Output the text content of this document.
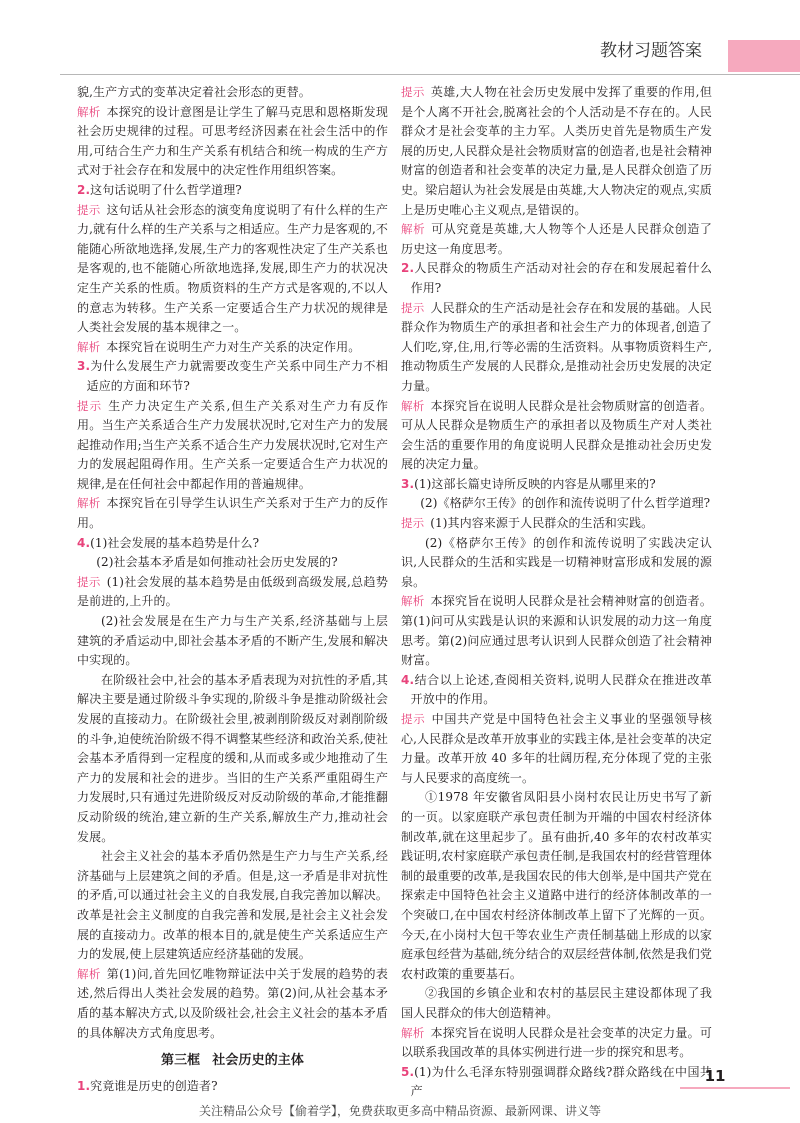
教材习题答案

貌,生产方式的变革决定着社会形态的更替。

解析 本探究的设计意图是让学生了解马克思和恩格斯发现社会历史规律的过程。可思考经济因素在社会生活中的作用,可结合生产力和生产关系有机结合和统一构成的生产方式对于社会存在和发展中的决定性作用组织答案。

2.这句话说明了什么哲学道理?

提示 这句话从社会形态的演变角度说明了有什么样的生产力,就有什么样的生产关系与之相适应。生产力是客观的,不能随心所欲地选择,发展,生产力的客观性决定了生产关系也是客观的,也不能随心所欲地选择,发展,即生产力的状况决定生产关系的性质。物质资料的生产方式是客观的,不以人的意志为转移。生产关系一定要适合生产力状况的规律是人类社会发展的基本规律之一。

解析 本探究旨在说明生产力对生产关系的决定作用。

3.为什么发展生产力就需要改变生产关系中同生产力不相适应的方面和环节?

提示 生产力决定生产关系,但生产关系对生产力有反作用。当生产关系适合生产力发展状况时,它对生产力的发展起推动作用;当生产关系不适合生产力发展状况时,它对生产力的发展起阻碍作用。生产关系一定要适合生产力状况的规律,是在任何社会中都起作用的普遍规律。

解析 本探究旨在引导学生认识生产关系对于生产力的反作用。

4.(1)社会发展的基本趋势是什么?

(2)社会基本矛盾是如何推动社会历史发展的?

提示 (1)社会发展的基本趋势是由低级到高级发展,总趋势是前进的,上升的。

(2)社会发展是在生产力与生产关系,经济基础与上层建筑的矛盾运动中,即社会基本矛盾的不断产生,发展和解决中实现的。

在阶级社会中,社会的基本矛盾表现为对抗性的矛盾,其解决主要是通过阶级斗争实现的,阶级斗争是推动阶级社会发展的直接动力。在阶级社会里,被剥削阶级反对剥削阶级的斗争,迫使统治阶级不得不调整某些经济和政治关系,使社会基本矛盾得到一定程度的缓和,从而或多或少地推动了生产力的发展和社会的进步。当旧的生产关系严重阻碍生产力发展时,只有通过先进阶级反对反动阶级的革命,才能推翻反动阶级的统治,建立新的生产关系,解放生产力,推动社会发展。

社会主义社会的基本矛盾仍然是生产力与生产关系,经济基础与上层建筑之间的矛盾。但是,这一矛盾是非对抗性的矛盾,可以通过社会主义的自我发展,自我完善加以解决。改革是社会主义制度的自我完善和发展,是社会主义社会发展的直接动力。改革的根本目的,就是使生产关系适应生产力的发展,使上层建筑适应经济基础的发展。

解析 第(1)问,首先回忆唯物辩证法中关于发展的趋势的表述,然后得出人类社会发展的趋势。第(2)问,从社会基本矛盾的基本解决方式,以及阶级社会,社会主义社会的基本矛盾的具体解决方式角度思考。

第三框 社会历史的主体

1.究竟谁是历史的创造者?

提示 英雄,大人物在社会历史发展中发挥了重要的作用,但是个人离不开社会,脱离社会的个人活动是不存在的。人民群众才是社会变革的主力军。人类历史首先是物质生产发展的历史,人民群众是社会物质财富的创造者,也是社会精神财富的创造者和社会变革的决定力量,是人民群众创造了历史。梁启超认为社会发展是由英雄,大人物决定的观点,实质上是历史唯心主义观点,是错误的。

解析 可从究竟是英雄,大人物等个人还是人民群众创造了历史这一角度思考。

2.人民群众的物质生产活动对社会的存在和发展起着什么作用?

提示 人民群众的生产活动是社会存在和发展的基础。人民群众作为物质生产的承担者和社会生产力的体现者,创造了人们吃,穿,住,用,行等必需的生活资料。从事物质资料生产,推动物质生产发展的人民群众,是推动社会历史发展的决定力量。

解析 本探究旨在说明人民群众是社会物质财富的创造者。可从人民群众是物质生产的承担者以及物质生产对人类社会生活的重要作用的角度说明人民群众是推动社会历史发展的决定力量。

3.(1)这部长篇史诗所反映的内容是从哪里来的?

(2)《格萨尔王传》的创作和流传说明了什么哲学道理?

提示 (1)其内容来源于人民群众的生活和实践。

(2)《格萨尔王传》的创作和流传说明了实践决定认识,人民群众的生活和实践是一切精神财富形成和发展的源泉。

解析 本探究旨在说明人民群众是社会精神财富的创造者。第(1)问可从实践是认识的来源和认识发展的动力这一角度思考。第(2)问应通过思考认识到人民群众创造了社会精神财富。

4.结合以上论述,查阅相关资料,说明人民群众在推进改革开放中的作用。

提示 中国共产党是中国特色社会主义事业的坚强领导核心,人民群众是改革开放事业的实践主体,是社会变革的决定力量。改革开放 40 多年的壮阔历程,充分体现了党的主张与人民要求的高度统一。

①1978 年安徽省凤阳县小岗村农民让历史书写了新的一页。以家庭联产承包责任制为开端的中国农村经济体制改革,就在这里起步了。虽有曲折,40 多年的农村改革实践证明,农村家庭联产承包责任制,是我国农村的经营管理体制的最重要的改革,是我国农民的伟大创举,是中国共产党在探索走中国特色社会主义道路中进行的经济体制改革的一个突破口,在中国农村经济体制改革上留下了光辉的一页。今天,在小岗村大包干等农业生产责任制基础上形成的以家庭承包经营为基础,统分结合的双层经营体制,依然是我们党农村政策的重要基石。

②我国的乡镇企业和农村的基层民主建设都体现了我国人民群众的伟大创造精神。

解析 本探究旨在说明人民群众是社会变革的决定力量。可以联系我国改革的具体实例进行进一步的探究和思考。

5.(1)为什么毛泽东特别强调群众路线?群众路线在中国共产

11
关注精品公众号【偷着学】，免费获取更多高中精品资源、最新网课、讲义等
